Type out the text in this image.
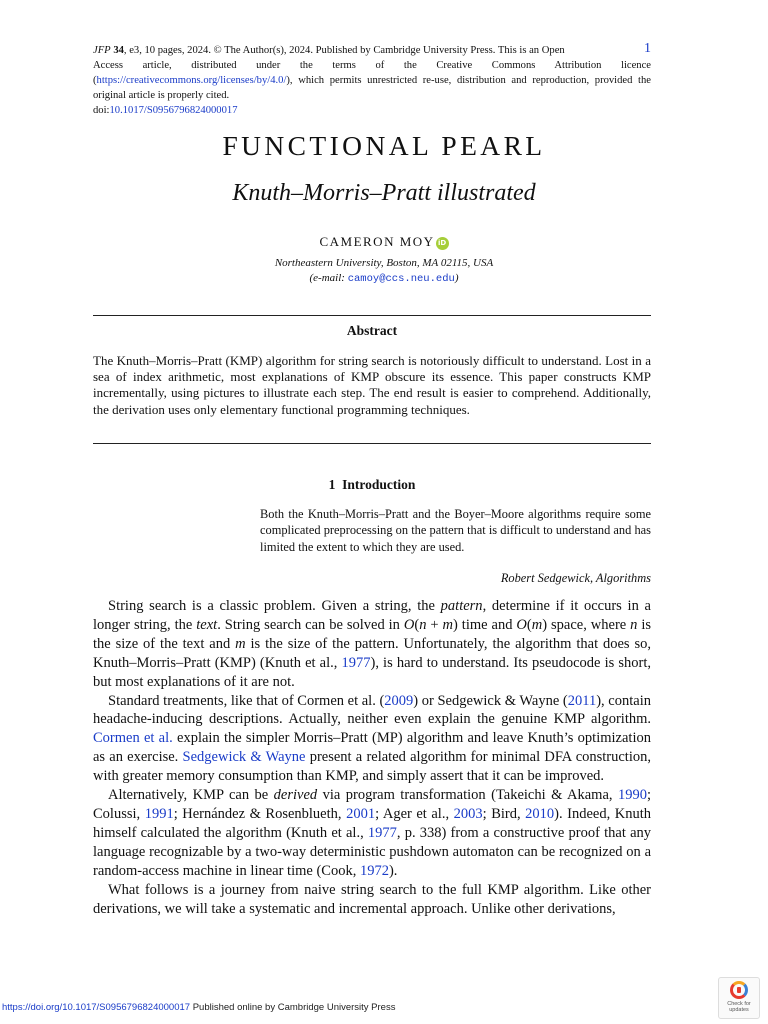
JFP 34, e3, 10 pages, 2024. © The Author(s), 2024. Published by Cambridge University Press. This is an Open	1
Access article, distributed under the terms of the Creative Commons Attribution licence (https://creativecommons.org/licenses/by/4.0/), which permits unrestricted re-use, distribution and reproduction, provided the original article is properly cited.
doi:10.1017/S0956796824000017
FUNCTIONAL PEARL
Knuth–Morris–Pratt illustrated
CAMERON MOY iD
Northeastern University, Boston, MA 02115, USA
(e-mail: camoy@ccs.neu.edu)
Abstract
The Knuth–Morris–Pratt (KMP) algorithm for string search is notoriously difficult to understand. Lost in a sea of index arithmetic, most explanations of KMP obscure its essence. This paper constructs KMP incrementally, using pictures to illustrate each step. The end result is easier to comprehend. Additionally, the derivation uses only elementary functional programming techniques.
1 Introduction
Both the Knuth–Morris–Pratt and the Boyer–Moore algorithms require some complicated preprocessing on the pattern that is difficult to understand and has limited the extent to which they are used.
Robert Sedgewick, Algorithms

String search is a classic problem. Given a string, the pattern, determine if it occurs in a longer string, the text. String search can be solved in O(n + m) time and O(m) space, where n is the size of the text and m is the size of the pattern. Unfortunately, the algorithm that does so, Knuth–Morris–Pratt (KMP) (Knuth et al., 1977), is hard to understand. Its pseudocode is short, but most explanations of it are not.

Standard treatments, like that of Cormen et al. (2009) or Sedgewick & Wayne (2011), contain headache-inducing descriptions. Actually, neither even explain the genuine KMP algorithm. Cormen et al. explain the simpler Morris–Pratt (MP) algorithm and leave Knuth’s optimization as an exercise. Sedgewick & Wayne present a related algorithm for minimal DFA construction, with greater memory consumption than KMP, and simply assert that it can be improved.

Alternatively, KMP can be derived via program transformation (Takeichi & Akama, 1990; Colussi, 1991; Hernández & Rosenblueth, 2001; Ager et al., 2003; Bird, 2010). Indeed, Knuth himself calculated the algorithm (Knuth et al., 1977, p. 338) from a constructive proof that any language recognizable by a two-way deterministic pushdown automaton can be recognized on a random-access machine in linear time (Cook, 1972).

What follows is a journey from naive string search to the full KMP algorithm. Like other derivations, we will take a systematic and incremental approach. Unlike other derivations,

https://doi.org/10.1017/S0956796824000017 Published online by Cambridge University Press	Check for
updates
